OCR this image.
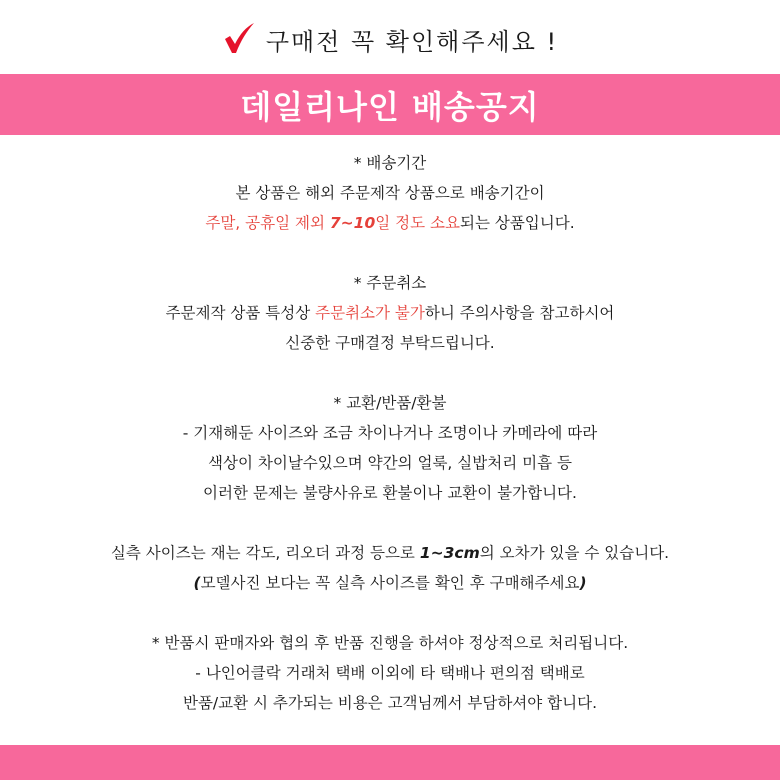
구매전 꼭 확인해주세요 !
데일리나인 배송공지
* 배송기간
본 상품은 해외 주문제작 상품으로 배송기간이
주말, 공휴일 제외 7~10일 정도 소요되는 상품입니다.
* 주문취소
주문제작 상품 특성상 주문취소가 불가하니 주의사항을 참고하시어
신중한 구매결정 부탁드립니다.
* 교환/반품/환불
- 기재해둔 사이즈와 조금 차이나거나 조명이나 카메라에 따라
색상이 차이날수있으며 약간의 얼룩, 실밥처리 미흡 등
이러한 문제는 불량사유로 환불이나 교환이 불가합니다.
실측 사이즈는 재는 각도, 리오더 과정 등으로 1~3cm의 오차가 있을 수 있습니다.
(모델사진 보다는 꼭 실측 사이즈를 확인 후 구매해주세요)
* 반품시 판매자와 협의 후 반품 진행을 하셔야 정상적으로 처리됩니다.
- 나인어클락 거래처 택배 이외에 타 택배나 편의점 택배로
반품/교환 시 추가되는 비용은 고객님께서 부담하셔야 합니다.
